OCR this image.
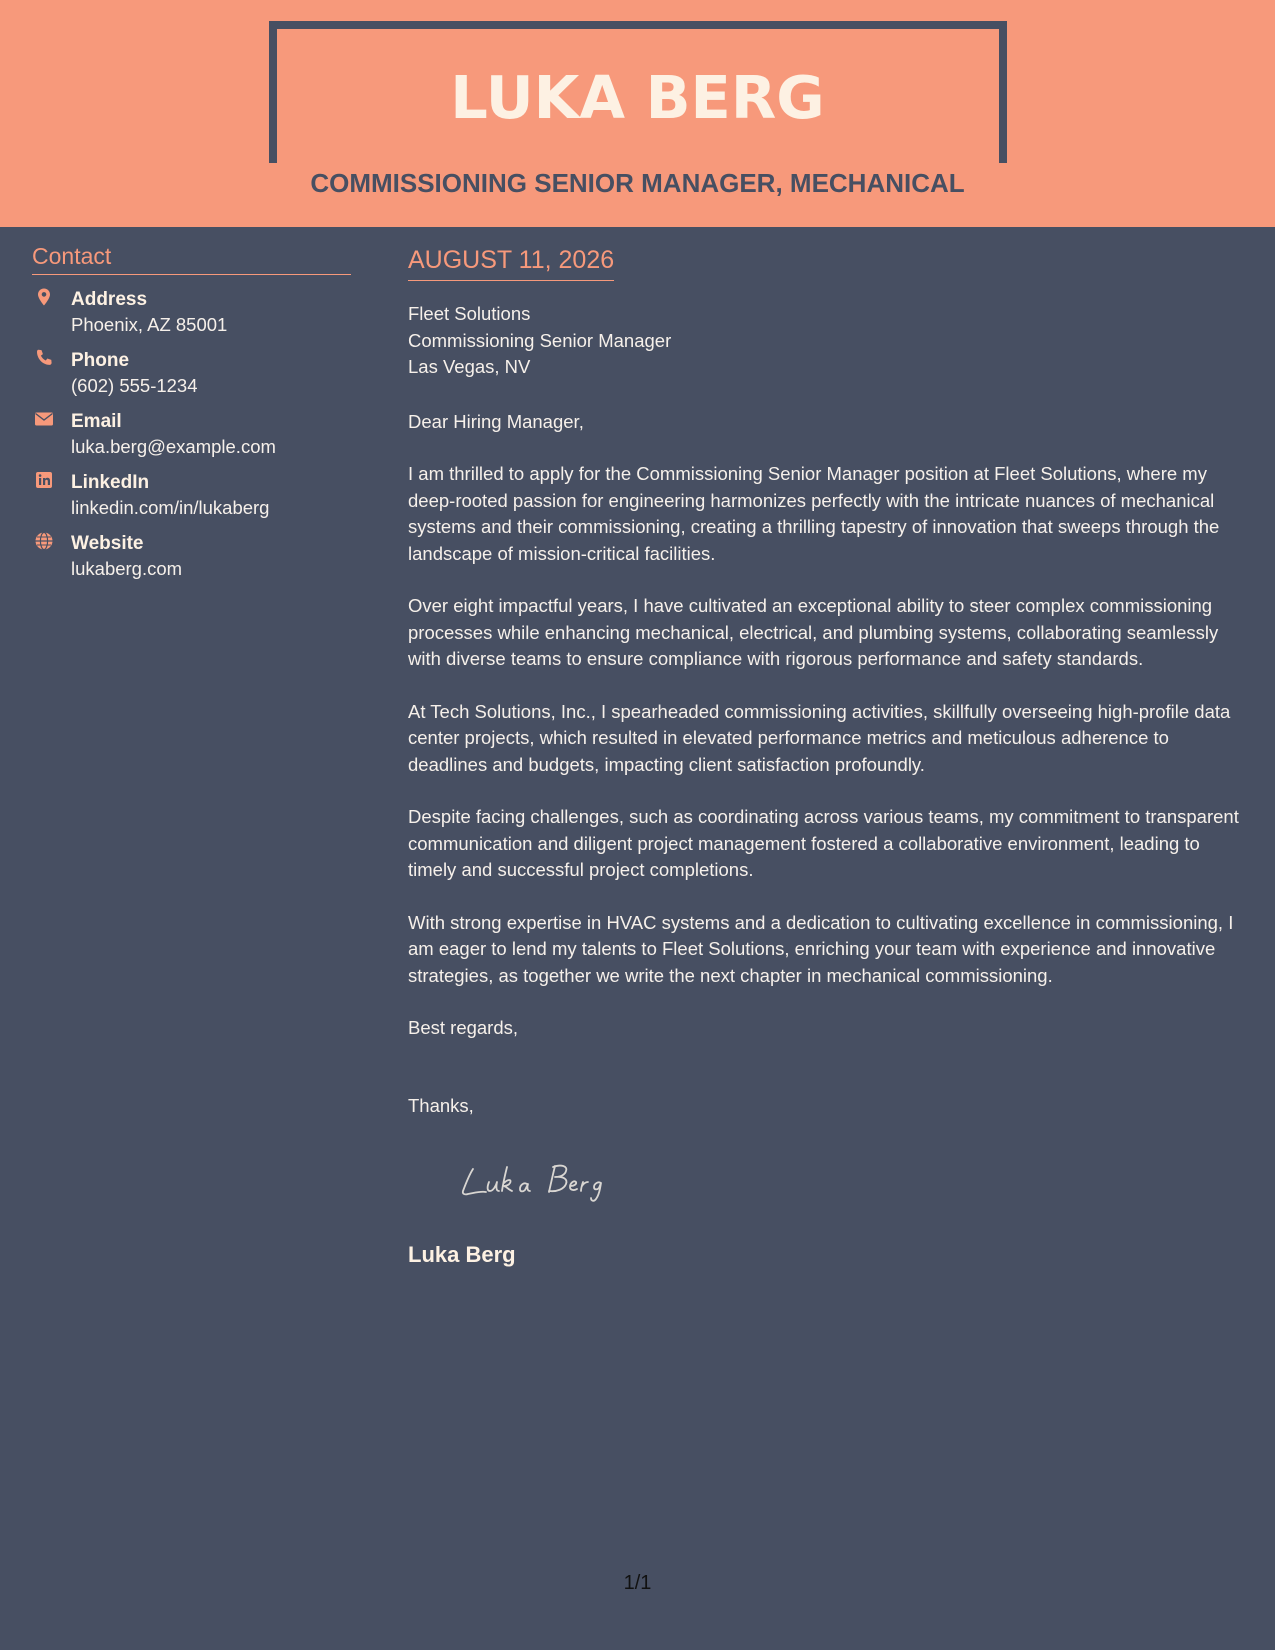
LUKA BERG
COMMISSIONING SENIOR MANAGER, MECHANICAL
Contact
Address
Phoenix, AZ 85001
Phone
(602) 555-1234
Email
luka.berg@example.com
LinkedIn
linkedin.com/in/lukaberg
Website
lukaberg.com
AUGUST 11, 2026
Fleet Solutions
Commissioning Senior Manager
Las Vegas, NV
Dear Hiring Manager,

I am thrilled to apply for the Commissioning Senior Manager position at Fleet Solutions, where my deep-rooted passion for engineering harmonizes perfectly with the intricate nuances of mechanical systems and their commissioning, creating a thrilling tapestry of innovation that sweeps through the landscape of mission-critical facilities.

Over eight impactful years, I have cultivated an exceptional ability to steer complex commissioning processes while enhancing mechanical, electrical, and plumbing systems, collaborating seamlessly with diverse teams to ensure compliance with rigorous performance and safety standards.

At Tech Solutions, Inc., I spearheaded commissioning activities, skillfully overseeing high-profile data center projects, which resulted in elevated performance metrics and meticulous adherence to deadlines and budgets, impacting client satisfaction profoundly.

Despite facing challenges, such as coordinating across various teams, my commitment to transparent communication and diligent project management fostered a collaborative environment, leading to timely and successful project completions.

With strong expertise in HVAC systems and a dedication to cultivating excellence in commissioning, I am eager to lend my talents to Fleet Solutions, enriching your team with experience and innovative strategies, as together we write the next chapter in mechanical commissioning.

Best regards,
Thanks,
Luka Berg
1/1
